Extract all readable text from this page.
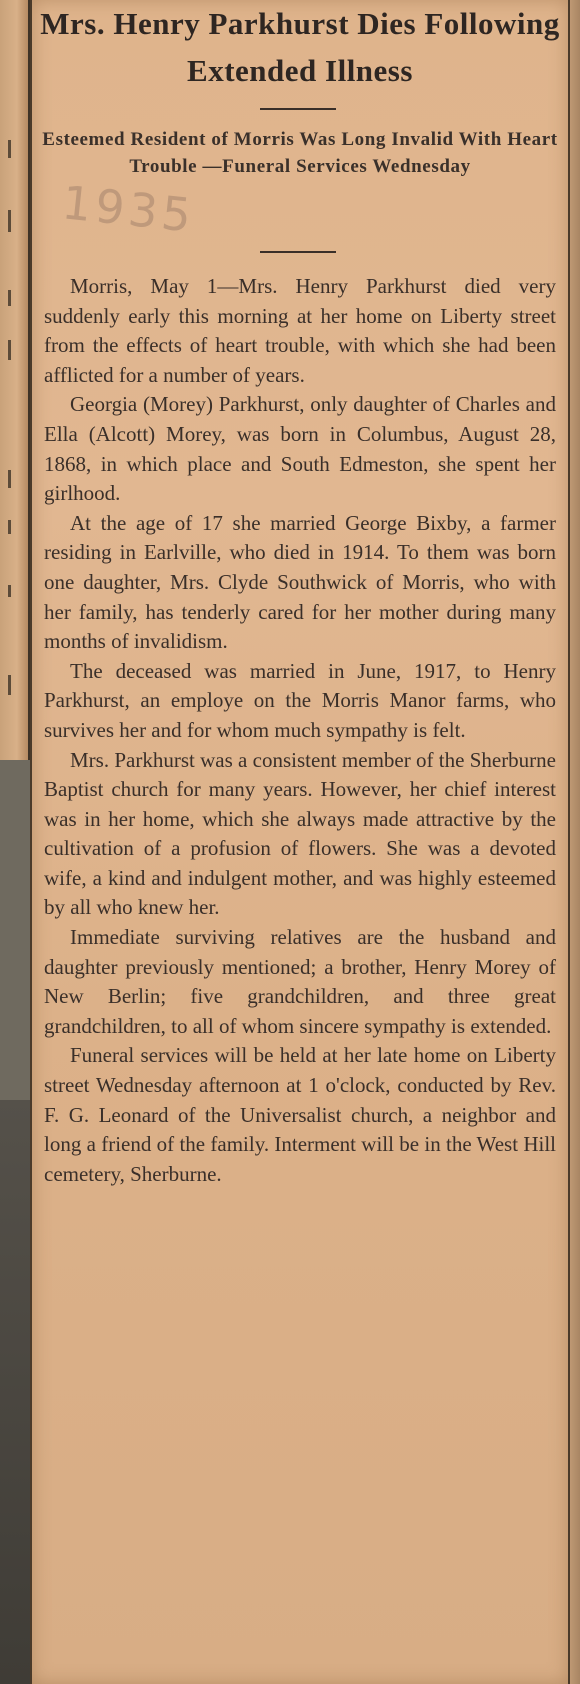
Mrs. Henry Parkhurst Dies Following Extended Illness
Esteemed Resident of Morris Was Long Invalid With Heart Trouble —Funeral Services Wednesday
1935

Morris, May 1—Mrs. Henry Parkhurst died very suddenly early this morning at her home on Liberty street from the effects of heart trouble, with which she had been afflicted for a number of years.

Georgia (Morey) Parkhurst, only daughter of Charles and Ella (Alcott) Morey, was born in Columbus, August 28, 1868, in which place and South Edmeston, she spent her girlhood.

At the age of 17 she married George Bixby, a farmer residing in Earlville, who died in 1914. To them was born one daughter, Mrs. Clyde Southwick of Morris, who with her family, has tenderly cared for her mother during many months of invalidism.

The deceased was married in June, 1917, to Henry Parkhurst, an employe on the Morris Manor farms, who survives her and for whom much sympathy is felt.

Mrs. Parkhurst was a consistent member of the Sherburne Baptist church for many years. However, her chief interest was in her home, which she always made attractive by the cultivation of a profusion of flowers. She was a devoted wife, a kind and indulgent mother, and was highly esteemed by all who knew her.

Immediate surviving relatives are the husband and daughter previously mentioned; a brother, Henry Morey of New Berlin; five grandchildren, and three great grandchildren, to all of whom sincere sympathy is extended.

Funeral services will be held at her late home on Liberty street Wednesday afternoon at 1 o'clock, conducted by Rev. F. G. Leonard of the Universalist church, a neighbor and long a friend of the family. Interment will be in the West Hill cemetery, Sherburne.
